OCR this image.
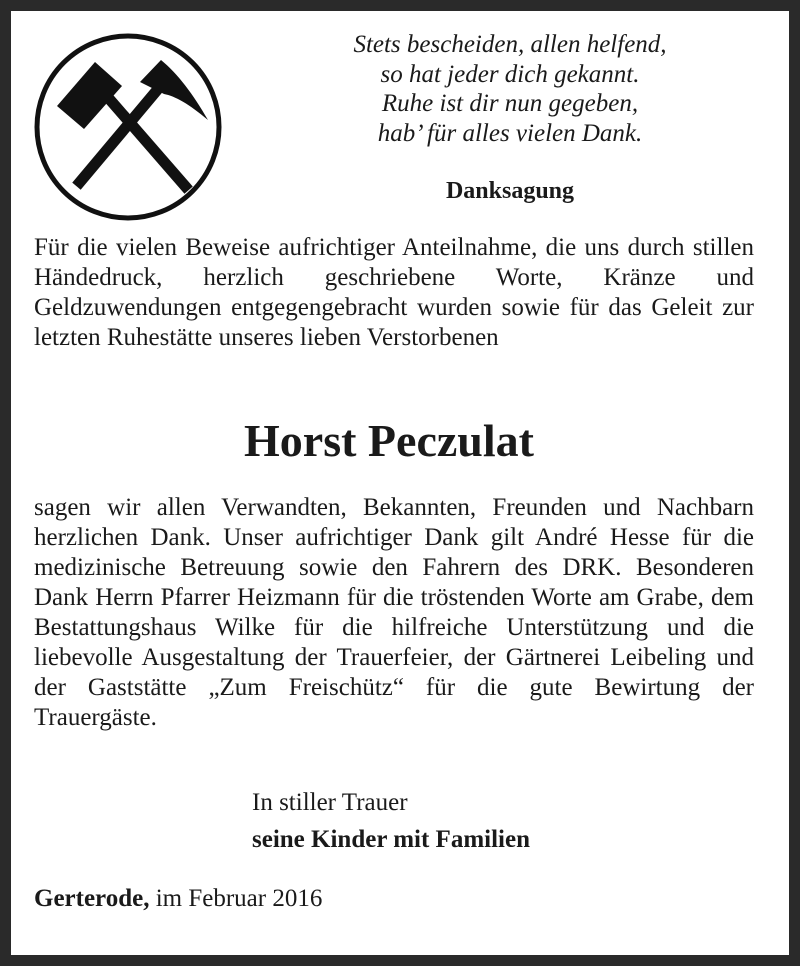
Stets bescheiden, allen helfend,
so hat jeder dich gekannt.
Ruhe ist dir nun gegeben,
hab’ für alles vielen Dank.
Danksagung
Für die vielen Beweise aufrichtiger Anteilnahme, die uns durch stillen Händedruck, herzlich geschriebene Worte, Kränze und Geldzuwendungen entgegengebracht wurden sowie für das Geleit zur letzten Ruhestätte unseres lieben Verstorbenen
Horst Peczulat
sagen wir allen Verwandten, Bekannten, Freunden und Nachbarn herzlichen Dank. Unser aufrichtiger Dank gilt André Hesse für die medizinische Betreuung sowie den Fahrern des DRK. Besonderen Dank Herrn Pfarrer Heizmann für die tröstenden Worte am Grabe, dem Bestattungshaus Wilke für die hilfreiche Unterstützung und die liebevolle Ausgestaltung der Trauerfeier, der Gärtnerei Leibeling und der Gaststätte „Zum Freischütz“ für die gute Bewirtung der Trauergäste.
In stiller Trauer
seine Kinder mit Familien
Gerterode, im Februar 2016
